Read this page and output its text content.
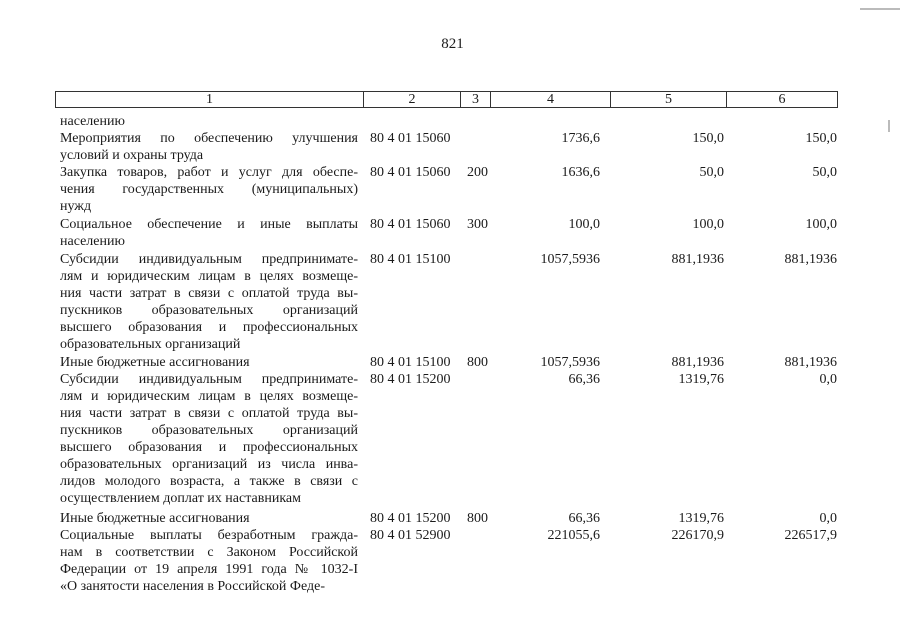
821
1	2	3	4	5	6
населению
Мероприятия по обеспечению улучшения
условий и охраны труда
80 4 01 15060	1736,6	150,0	150,0
Закупка товаров, работ и услуг для обеспе-
чения государственных (муниципальных)
нужд
80 4 01 15060 200	1636,6	50,0	50,0
Социальное обеспечение и иные выплаты
населению
80 4 01 15060 300	100,0	100,0	100,0
Субсидии индивидуальным предпринимате-
лям и юридическим лицам в целях возмеще-
ния части затрат в связи с оплатой труда вы-
пускников образовательных организаций
высшего образования и профессиональных
образовательных организаций
80 4 01 15100	1057,5936	881,1936	881,1936
Иные бюджетные ассигнования	80 4 01 15100 800	1057,5936	881,1936	881,1936
Субсидии индивидуальным предпринимате-
лям и юридическим лицам в целях возмеще-
ния части затрат в связи с оплатой труда вы-
пускников образовательных организаций
высшего образования и профессиональных
образовательных организаций из числа инва-
лидов молодого возраста, а также в связи с
осуществлением доплат их наставникам
80 4 01 15200	66,36	1319,76	0,0
Иные бюджетные ассигнования	80 4 01 15200 800	66,36	1319,76	0,0
Социальные выплаты безработным гражда-
нам в соответствии с Законом Российской
Федерации от 19 апреля 1991 года № 1032-I
«О занятости населения в Российской Феде-
80 4 01 52900	221055,6	226170,9	226517,9
